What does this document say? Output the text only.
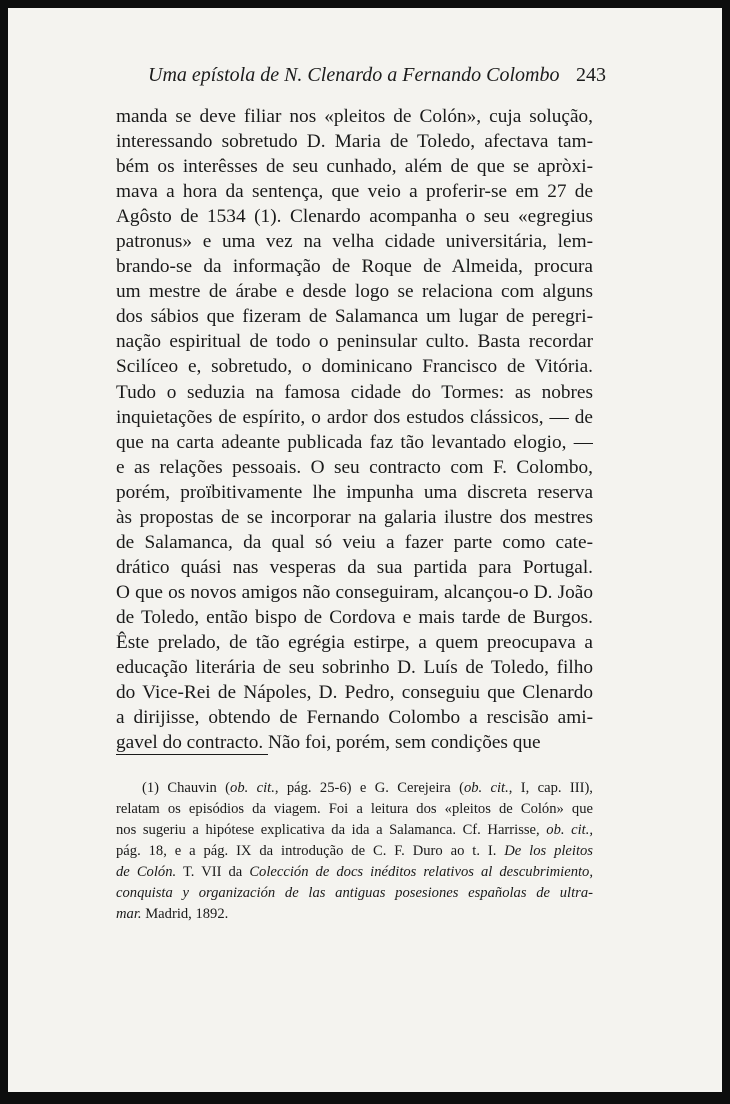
Uma epístola de N. Clenardo a Fernando Colombo 243
manda se deve filiar nos «pleitos de Colón», cuja solução,
interessando sobretudo D. Maria de Toledo, afectava tam-
bém os interêsses de seu cunhado, além de que se apròxi-
mava a hora da sentença, que veio a proferir-se em 27 de
Agôsto de 1534 (1). Clenardo acompanha o seu «egregius
patronus» e uma vez na velha cidade universitária, lem-
brando-se da informação de Roque de Almeida, procura
um mestre de árabe e desde logo se relaciona com alguns
dos sábios que fizeram de Salamanca um lugar de peregri-
nação espiritual de todo o peninsular culto. Basta recordar
Scilíceo e, sobretudo, o dominicano Francisco de Vitória.
Tudo o seduzia na famosa cidade do Tormes: as nobres
inquietações de espírito, o ardor dos estudos clássicos, — de
que na carta adeante publicada faz tão levantado elogio, —
e as relações pessoais. O seu contracto com F. Colombo,
porém, proïbitivamente lhe impunha uma discreta reserva
às propostas de se incorporar na galaria ilustre dos mestres
de Salamanca, da qual só veiu a fazer parte como cate-
drático quási nas vesperas da sua partida para Portugal.
O que os novos amigos não conseguiram, alcançou-o D. João
de Toledo, então bispo de Cordova e mais tarde de Burgos.
Êste prelado, de tão egrégia estirpe, a quem preocupava a
educação literária de seu sobrinho D. Luís de Toledo, filho
do Vice-Rei de Nápoles, D. Pedro, conseguiu que Clenardo
a dirijisse, obtendo de Fernando Colombo a rescisão ami-
gavel do contracto. Não foi, porém, sem condições que
(1) Chauvin (ob. cit., pág. 25-6) e G. Cerejeira (ob. cit., I, cap. III),
relatam os episódios da viagem. Foi a leitura dos «pleitos de Colón» que
nos sugeriu a hipótese explicativa da ida a Salamanca. Cf. Harrisse, ob. cit.,
pág. 18, e a pág. IX da introdução de C. F. Duro ao t. I. De los pleitos
de Colón. T. VII da Colección de docs inéditos relativos al descubrimiento,
conquista y organización de las antiguas posesiones españolas de ultra-
mar. Madrid, 1892.
